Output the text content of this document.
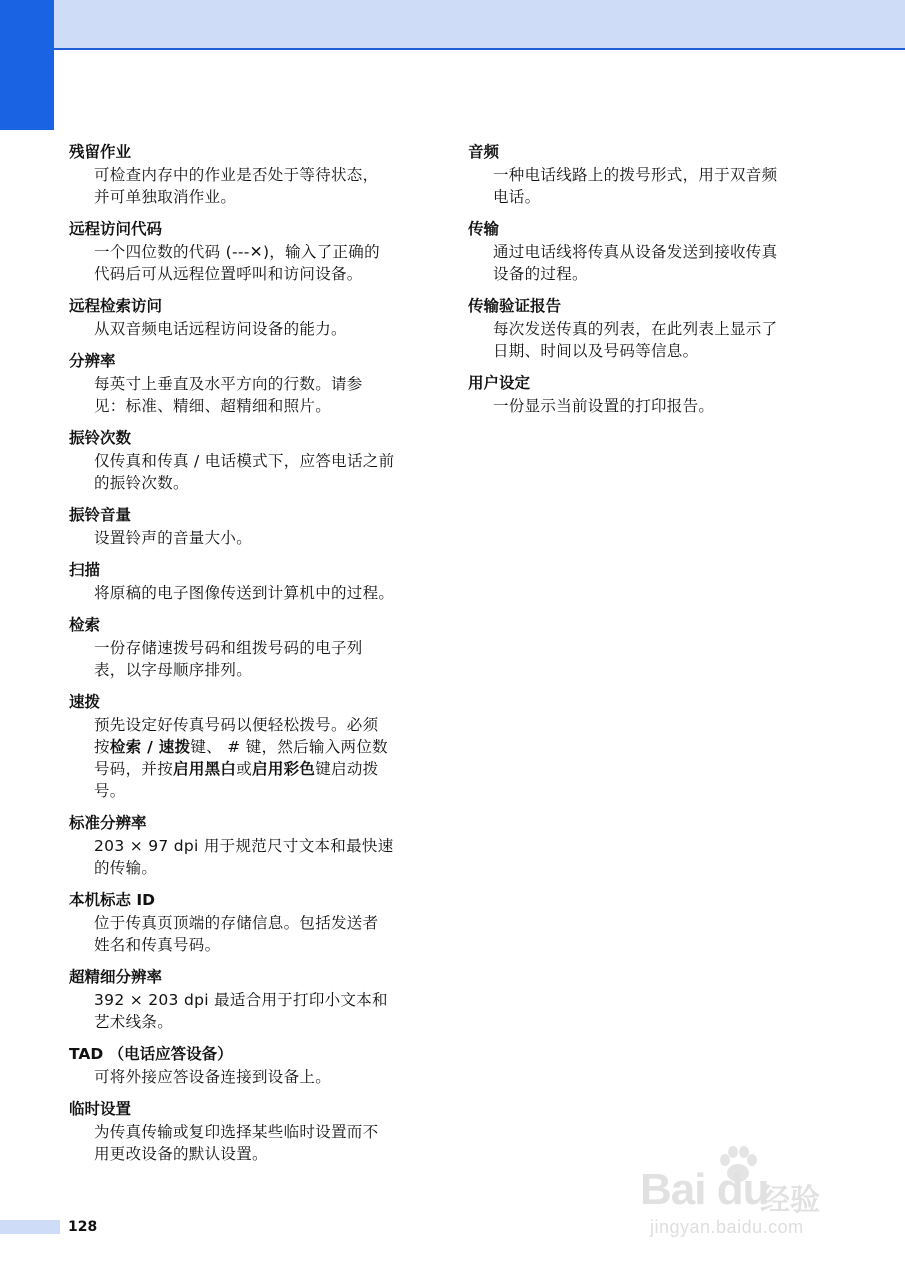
残留作业

可检查内存中的作业是否处于等待状态，
并可单独取消作业。

远程访问代码

一个四位数的代码 (---✕)，输入了正确的
代码后可从远程位置呼叫和访问设备。

远程检索访问

从双音频电话远程访问设备的能力。

分辨率

每英寸上垂直及水平方向的行数。请参
见：标准、精细、超精细和照片。

振铃次数

仅传真和传真 / 电话模式下，应答电话之前
的振铃次数。

振铃音量

设置铃声的音量大小。

扫描

将原稿的电子图像传送到计算机中的过程。

检索

一份存储速拨号码和组拨号码的电子列
表，以字母顺序排列。

速拨

预先设定好传真号码以便轻松拨号。必须
按检索 / 速拨键、 # 键，然后输入两位数
号码，并按启用黑白或启用彩色键启动拨
号。

标准分辨率

203 × 97 dpi 用于规范尺寸文本和最快速
的传输。

本机标志 ID

位于传真页顶端的存储信息。包括发送者
姓名和传真号码。

超精细分辨率

392 × 203 dpi 最适合用于打印小文本和
艺术线条。

TAD （电话应答设备）

可将外接应答设备连接到设备上。

临时设置

为传真传输或复印选择某些临时设置而不
用更改设备的默认设置。

音频

一种电话线路上的拨号形式，用于双音频
电话。

传输

通过电话线将传真从设备发送到接收传真
设备的过程。

传输验证报告

每次发送传真的列表，在此列表上显示了
日期、时间以及号码等信息。

用户设定

一份显示当前设置的打印报告。

128
Bai du
经验
jingyan.baidu.com
